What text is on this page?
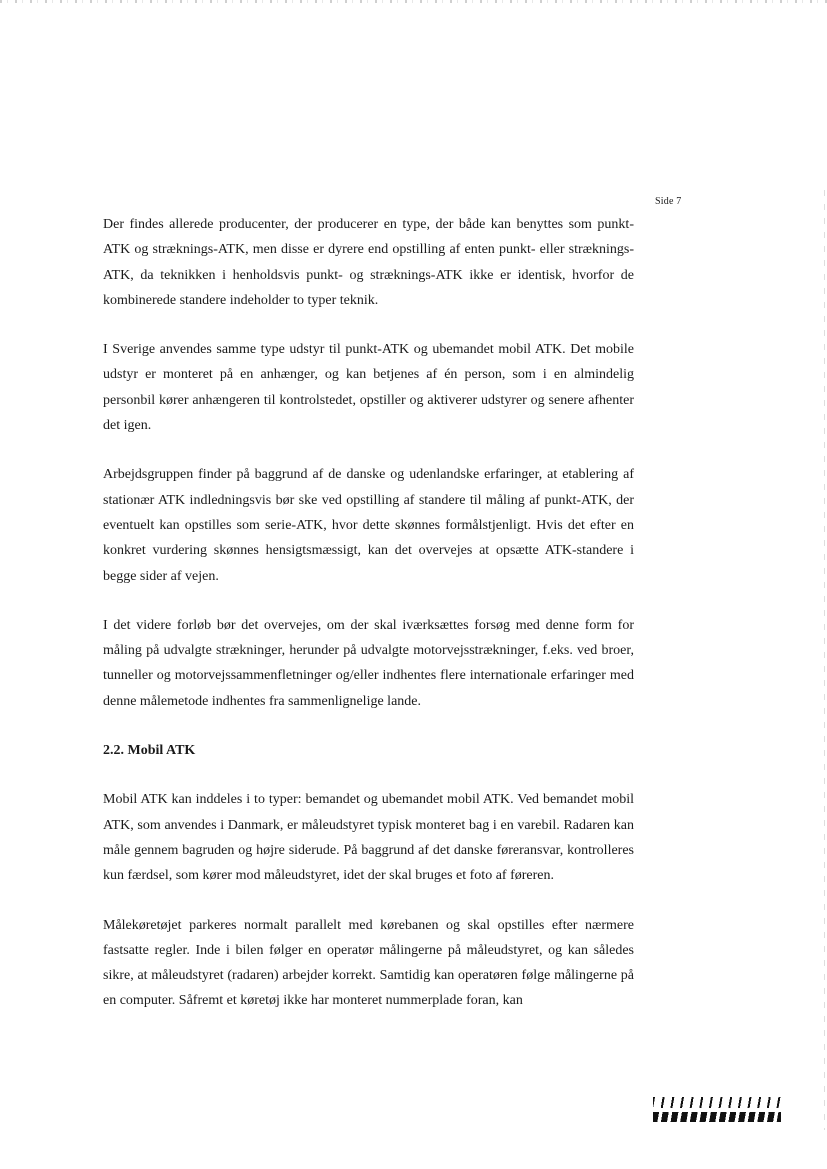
Side 7

Der findes allerede producenter, der producerer en type, der både kan benyttes som punkt-ATK og stræknings-ATK, men disse er dyrere end opstilling af enten punkt- eller stræknings-ATK, da teknikken i henholdsvis punkt- og stræknings-ATK ikke er identisk, hvorfor de kombinerede standere indeholder to typer teknik.

I Sverige anvendes samme type udstyr til punkt-ATK og ubemandet mobil ATK. Det mobile udstyr er monteret på en anhænger, og kan betjenes af én person, som i en almindelig personbil kører anhængeren til kontrolstedet, opstiller og aktiverer udstyrer og senere afhenter det igen.

Arbejdsgruppen finder på baggrund af de danske og udenlandske erfaringer, at etablering af stationær ATK indledningsvis bør ske ved opstilling af standere til måling af punkt-ATK, der eventuelt kan opstilles som serie-ATK, hvor dette skønnes formålstjenligt. Hvis det efter en konkret vurdering skønnes hensigtsmæssigt, kan det overvejes at opsætte ATK-standere i begge sider af vejen.

I det videre forløb bør det overvejes, om der skal iværksættes forsøg med denne form for måling på udvalgte strækninger, herunder på udvalgte motorvejsstrækninger, f.eks. ved broer, tunneller og motorvejssammenfletninger og/eller indhentes flere internationale erfaringer med denne målemetode indhentes fra sammenlignelige lande.

2.2. Mobil ATK

Mobil ATK kan inddeles i to typer: bemandet og ubemandet mobil ATK. Ved bemandet mobil ATK, som anvendes i Danmark, er måleudstyret typisk monteret bag i en varebil. Radaren kan måle gennem bagruden og højre siderude. På baggrund af det danske føreransvar, kontrolleres kun færdsel, som kører mod måleudstyret, idet der skal bruges et foto af føreren.

Målekøretøjet parkeres normalt parallelt med kørebanen og skal opstilles efter nærmere fastsatte regler. Inde i bilen følger en operatør målingerne på måleudstyret, og kan således sikre, at måleudstyret (radaren) arbejder korrekt. Samtidig kan operatøren følge målingerne på en computer. Såfremt et køretøj ikke har monteret nummerplade foran, kan
